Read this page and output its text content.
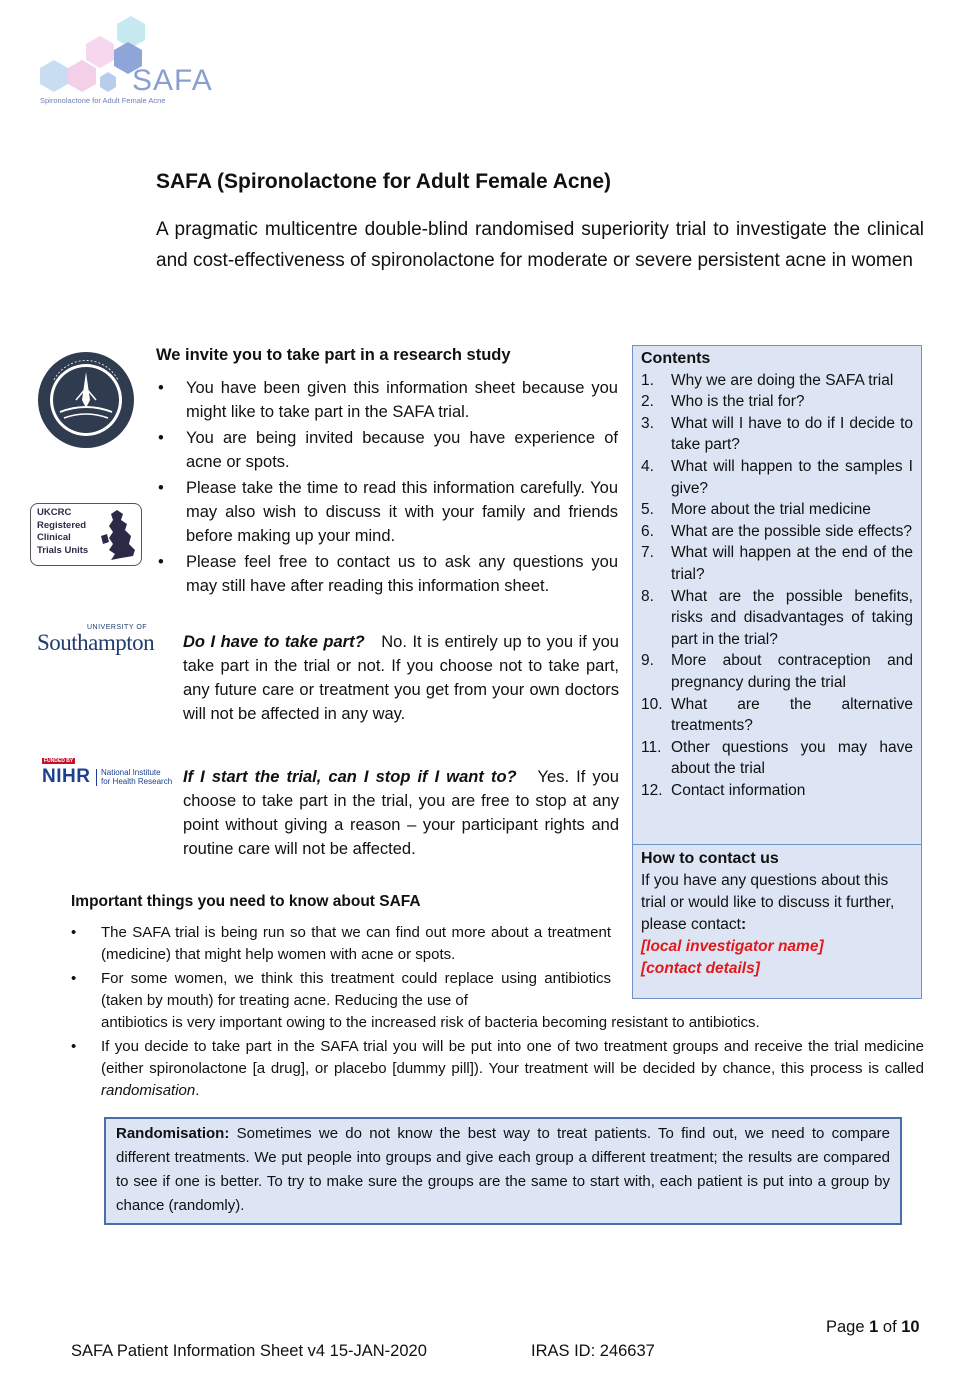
SAFA
Spironolactone for Adult Female Acne
SAFA (Spironolactone for Adult Female Acne)
A pragmatic multicentre double-blind randomised superiority trial to investigate the clinical and cost-effectiveness of spironolactone for moderate or severe persistent acne in women
UKCRC
Registered
Clinical
Trials Units
UNIVERSITY OF
Southampton
FUNDED BY
NIHR National Institute
for Health Research
We invite you to take part in a research study
• You have been given this information sheet because you might like to take part in the SAFA trial.
• You are being invited because you have experience of acne or spots.
• Please take the time to read this information carefully. You may also wish to discuss it with your family and friends before making up your mind.
• Please feel free to contact us to ask any questions you may still have after reading this information sheet.
Do I have to take part? No. It is entirely up to you if you take part in the trial or not. If you choose not to take part, any future care or treatment you get from your own doctors will not be affected in any way.
If I start the trial, can I stop if I want to? Yes. If you choose to take part in the trial, you are free to stop at any point without giving a reason – your participant rights and routine care will not be affected.
Contents
1. Why we are doing the SAFA trial
2. Who is the trial for?
3. What will I have to do if I decide to take part?
4. What will happen to the samples I give?
5. More about the trial medicine
6. What are the possible side effects?
7. What will happen at the end of the trial?
8. What are the possible benefits, risks and disadvantages of taking part in the trial?
9. More about contraception and pregnancy during the trial
10. What are the alternative treatments?
11. Other questions you may have about the trial
12. Contact information
How to contact us
If you have any questions about this trial or would like to discuss it further, please contact:
[local investigator name]
[contact details]
Important things you need to know about SAFA
• The SAFA trial is being run so that we can find out more about a treatment (medicine) that might help women with acne or spots.
• For some women, we think this treatment could replace using antibiotics (taken by mouth) for treating acne. Reducing the use of
antibiotics is very important owing to the increased risk of bacteria becoming resistant to antibiotics.
• If you decide to take part in the SAFA trial you will be put into one of two treatment groups and receive the trial medicine (either spironolactone [a drug], or placebo [dummy pill]). Your treatment will be decided by chance, this process is called randomisation.
Randomisation: Sometimes we do not know the best way to treat patients. To find out, we need to compare different treatments. We put people into groups and give each group a different treatment; the results are compared to see if one is better. To try to make sure the groups are the same to start with, each patient is put into a group by chance (randomly).
Page 1 of 10
SAFA Patient Information Sheet v4 15-JAN-2020	IRAS ID: 246637
